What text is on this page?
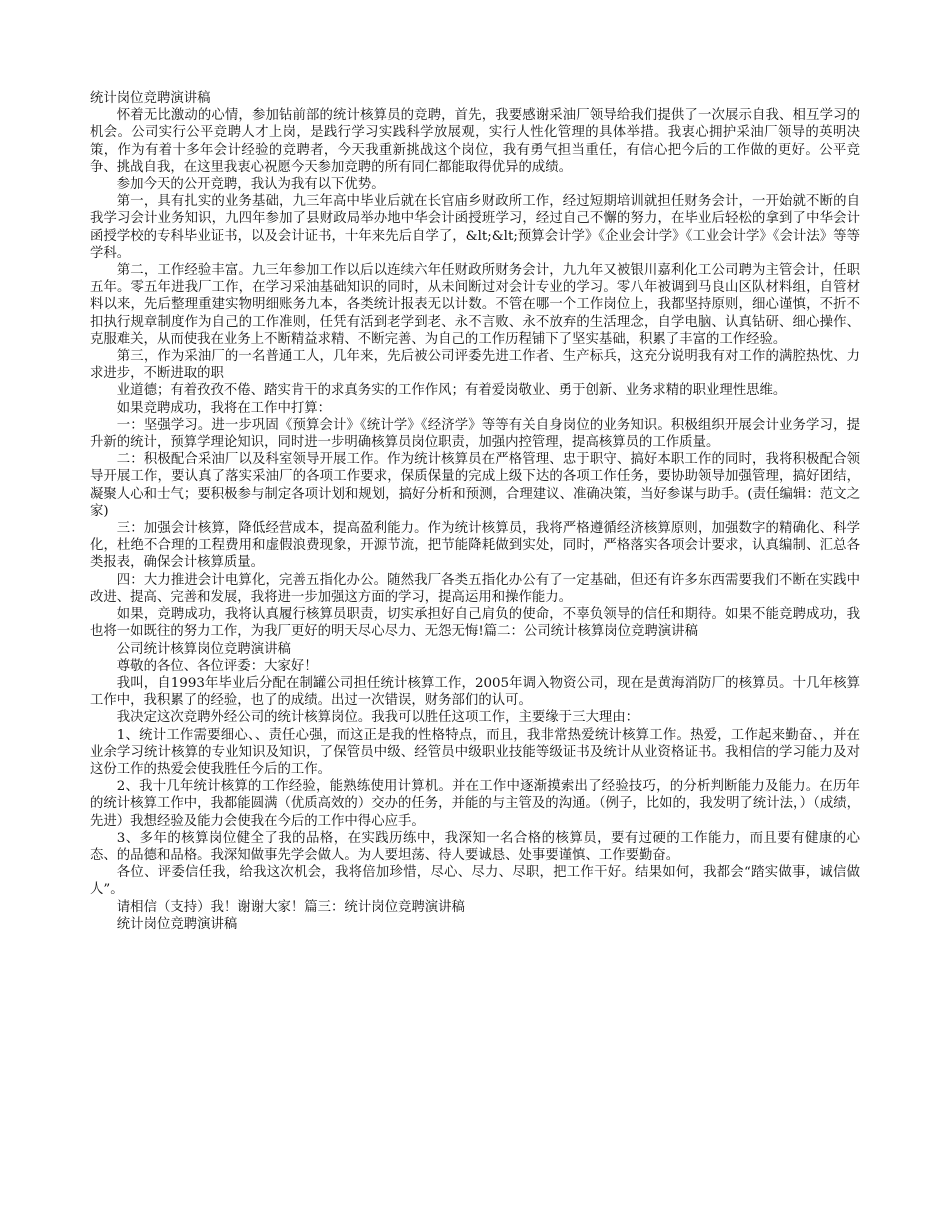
统计岗位竞聘演讲稿

怀着无比激动的心情，参加钻前部的统计核算员的竞聘，首先，我要感谢采油厂领导给我们提供了一次展示自我、相互学习的机会。公司实行公平竞聘人才上岗，是践行学习实践科学放展观，实行人性化管理的具体举措。我衷心拥护采油厂领导的英明决策，作为有着十多年会计经验的竞聘者，今天我重新挑战这个岗位，我有勇气担当重任，有信心把今后的工作做的更好。公平竞争、挑战自我，在这里我衷心祝愿今天参加竞聘的所有同仁都能取得优异的成绩。

参加今天的公开竞聘，我认为我有以下优势。

第一，具有扎实的业务基础，九三年高中毕业后就在长官庙乡财政所工作，经过短期培训就担任财务会计，一开始就不断的自我学习会计业务知识，九四年参加了县财政局举办地中华会计函授班学习，经过自己不懈的努力，在毕业后轻松的拿到了中华会计函授学校的专科毕业证书，以及会计证书，十年来先后自学了，&lt;&lt;预算会计学》《企业会计学》《工业会计学》《会计法》等等学科。

第二，工作经验丰富。九三年参加工作以后以连续六年任财政所财务会计，九九年又被银川嘉利化工公司聘为主管会计，任职五年。零五年进我厂工作，在学习采油基础知识的同时，从未间断过对会计专业的学习。零八年被调到马良山区队材料组，自管材料以来，先后整理重建实物明细账务九本，各类统计报表无以计数。不管在哪一个工作岗位上，我都坚持原则，细心谨慎，不折不扣执行规章制度作为自己的工作准则，任凭有活到老学到老、永不言败、永不放弃的生活理念，自学电脑、认真钻研、细心操作、克服难关，从而使我在业务上不断精益求精、不断完善、为自己的工作历程铺下了坚实基础，积累了丰富的工作经验。

第三，作为采油厂的一名普通工人，几年来，先后被公司评委先进工作者、生产标兵，这充分说明我有对工作的满腔热忱、力求进步，不断进取的职

业道德；有着孜孜不倦、踏实肯干的求真务实的工作作风；有着爱岗敬业、勇于创新、业务求精的职业理性思维。

如果竞聘成功，我将在工作中打算：

一：坚强学习。进一步巩固《预算会计》《统计学》《经济学》等等有关自身岗位的业务知识。积极组织开展会计业务学习，提升新的统计，预算学理论知识，同时进一步明确核算员岗位职责，加强内控管理，提高核算员的工作质量。

二：积极配合采油厂以及科室领导开展工作。作为统计核算员在严格管理、忠于职守、搞好本职工作的同时，我将积极配合领导开展工作，要认真了落实采油厂的各项工作要求，保质保量的完成上级下达的各项工作任务，要协助领导加强管理，搞好团结，凝聚人心和士气；要积极参与制定各项计划和规划，搞好分析和预测，合理建议、准确决策，当好参谋与助手。(责任编辑：范文之家)

三：加强会计核算，降低经营成本，提高盈利能力。作为统计核算员，我将严格遵循经济核算原则，加强数字的精确化、科学化，杜绝不合理的工程费用和虚假浪费现象，开源节流，把节能降耗做到实处，同时，严格落实各项会计要求，认真编制、汇总各类报表，确保会计核算质量。

四：大力推进会计电算化，完善五指化办公。随然我厂各类五指化办公有了一定基础，但还有许多东西需要我们不断在实践中改进、提高、完善和发展，我将进一步加强这方面的学习，提高运用和操作能力。

如果，竞聘成功，我将认真履行核算员职责，切实承担好自己肩负的使命，不辜负领导的信任和期待。如果不能竞聘成功，我也将一如既往的努力工作，为我厂更好的明天尽心尽力、无怨无悔!篇二：公司统计核算岗位竞聘演讲稿

公司统计核算岗位竞聘演讲稿

尊敬的各位、各位评委：大家好！

我叫，自1993年毕业后分配在制罐公司担任统计核算工作，2005年调入物资公司，现在是黄海消防厂的核算员。十几年核算工作中，我积累了的经验，也了的成绩。出过一次错误，财务部们的认可。

我决定这次竞聘外经公司的统计核算岗位。我我可以胜任这项工作，主要缘于三大理由：

1、统计工作需要细心、、责任心强，而这正是我的性格特点，而且，我非常热爱统计核算工作。热爱，工作起来勤奋、，并在业余学习统计核算的专业知识及知识，了保管员中级、经管员中级职业技能等级证书及统计从业资格证书。我相信的学习能力及对这份工作的热爱会使我胜任今后的工作。

2、我十几年统计核算的工作经验，能熟练使用计算机。并在工作中逐渐摸索出了经验技巧，的分析判断能力及能力。在历年的统计核算工作中，我都能圆满（优质高效的）交办的任务，并能的与主管及的沟通。（例子，比如的，我发明了统计法，）（成绩，先进）我想经验及能力会使我在今后的工作中得心应手。

3、多年的核算岗位健全了我的品格，在实践历练中，我深知一名合格的核算员，要有过硬的工作能力，而且要有健康的心态、的品德和品格。我深知做事先学会做人。为人要坦荡、待人要诚恳、处事要谨慎、工作要勤奋。

各位、评委信任我，给我这次机会，我将倍加珍惜，尽心、尽力、尽职，把工作干好。结果如何，我都会“踏实做事，诚信做人”。

请相信（支持）我！谢谢大家！篇三：统计岗位竞聘演讲稿

统计岗位竞聘演讲稿
